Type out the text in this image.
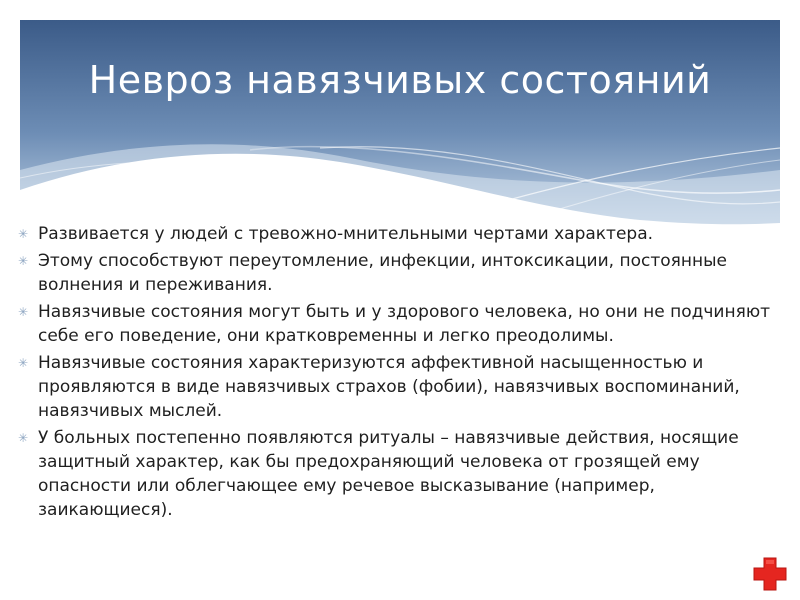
Невроз навязчивых состояний
✳ Развивается у людей с тревожно-мнительными чертами характера.
✳ Этому способствуют переутомление, инфекции, интоксикации, постоянные волнения и переживания.
✳ Навязчивые состояния могут быть и у здорового человека, но они не подчиняют себе его поведение, они кратковременны и легко преодолимы.
✳ Навязчивые состояния характеризуются аффективной насыщенностью и проявляются в виде навязчивых страхов (фобии), навязчивых воспоминаний, навязчивых мыслей.
✳ У больных постепенно появляются ритуалы – навязчивые действия, носящие защитный характер, как бы предохраняющий человека от грозящей ему опасности или облегчающее ему речевое высказывание (например, заикающиеся).
